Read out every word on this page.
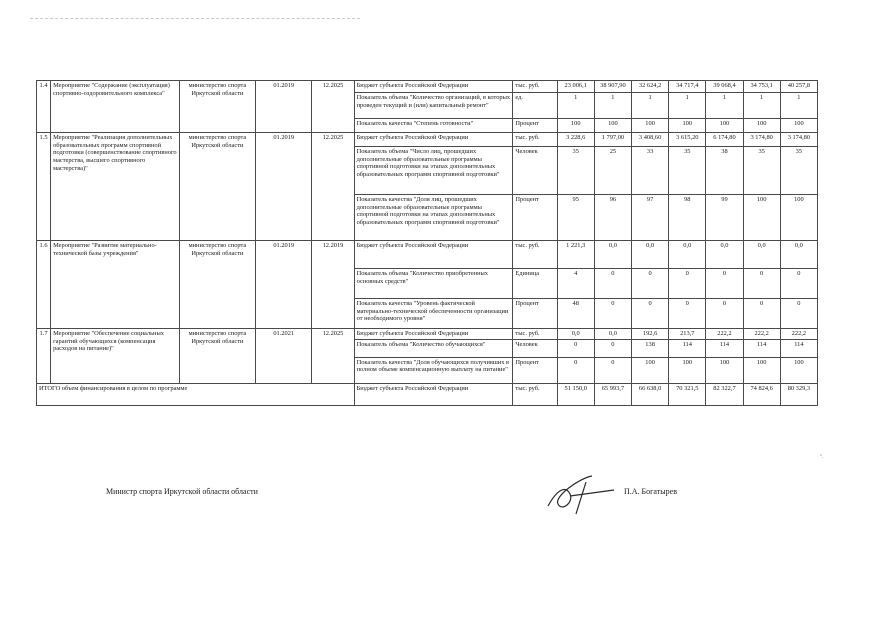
1.4	Мероприятие "Содержание (эксплуатация) спортивно-оздоровительного комплекса"	министерство спорта Иркутской области	01.2019	12.2025	Бюджет субъекта Российской Федерации	тыс. руб.	23 006,1	38 907,90	32 624,2	34 717,4	39 068,4	34 753,1	40 257,8
					Показатель объема "Количество организаций, в которых проведен текущий и (или) капитальный ремонт"	ед.	1	1	1	1	1	1	1
					Показатель качества "Степень готовности"	Процент	100	100	100	100	100	100	100
1.5	Мероприятие "Реализация дополнительных образовательных программ спортивной подготовки (совершенствование спортивного мастерства, высшего спортивного мастерства)"	министерство спорта Иркутской области	01.2019	12.2025	Бюджет субъекта Российской Федерации	тыс. руб.	3 228,6	1 797,00	3 408,60	3 615,20	6 174,80	3 174,80	3 174,80
					Показатель объема "Число лиц, прошедших дополнительные образовательные программы спортивной подготовки на этапах дополнительных образовательных программ спортивной подготовки"	Человек	35	25	33	35	38	35	35
					Показатель качества "Доля лиц, прошедших дополнительные образовательные программы спортивной подготовки на этапах дополнительных образовательных программ спортивной подготовки"	Процент	95	96	97	98	99	100	100
1.6	Мероприятие "Развитие материально-технической базы учреждения"	министерство спорта Иркутской области	01.2019	12.2019	Бюджет субъекта Российской Федерации	тыс. руб.	1 221,3	0,0	0,0	0,0	0,0	0,0	0,0
					Показатель объема "Количество приобретенных основных средств"	Единица	4	0	0	0	0	0	0
					Показатель качества "Уровень фактической материально-технической обеспеченности организации от необходимого уровня"	Процент	48	0	0	0	0	0	0
1.7	Мероприятие "Обеспечение социальных гарантий обучающихся (компенсация расходов на питание)"	министерство спорта Иркутской области	01.2021	12.2025	Бюджет субъекта Российской Федерации	тыс. руб.	0,0	0,0	192,6	213,7	222,2	222,2	222,2
					Показатель объема "Количество обучающихся"	Человек	0	0	138	114	114	114	114
					Показатель качества "Доля обучающихся получивших в полном объеме компенсационную выплату на питание"	Процент	0	0	100	100	100	100	100
ИТОГО объем финансирования в целом по программе					Бюджет субъекта Российской Федерации	тыс. руб.	51 150,0	65 993,7	66 638,0	70 321,5	82 322,7	74 824,6	80 329,3
Министр спорта Иркутской области области	П.А. Богатырев
".
